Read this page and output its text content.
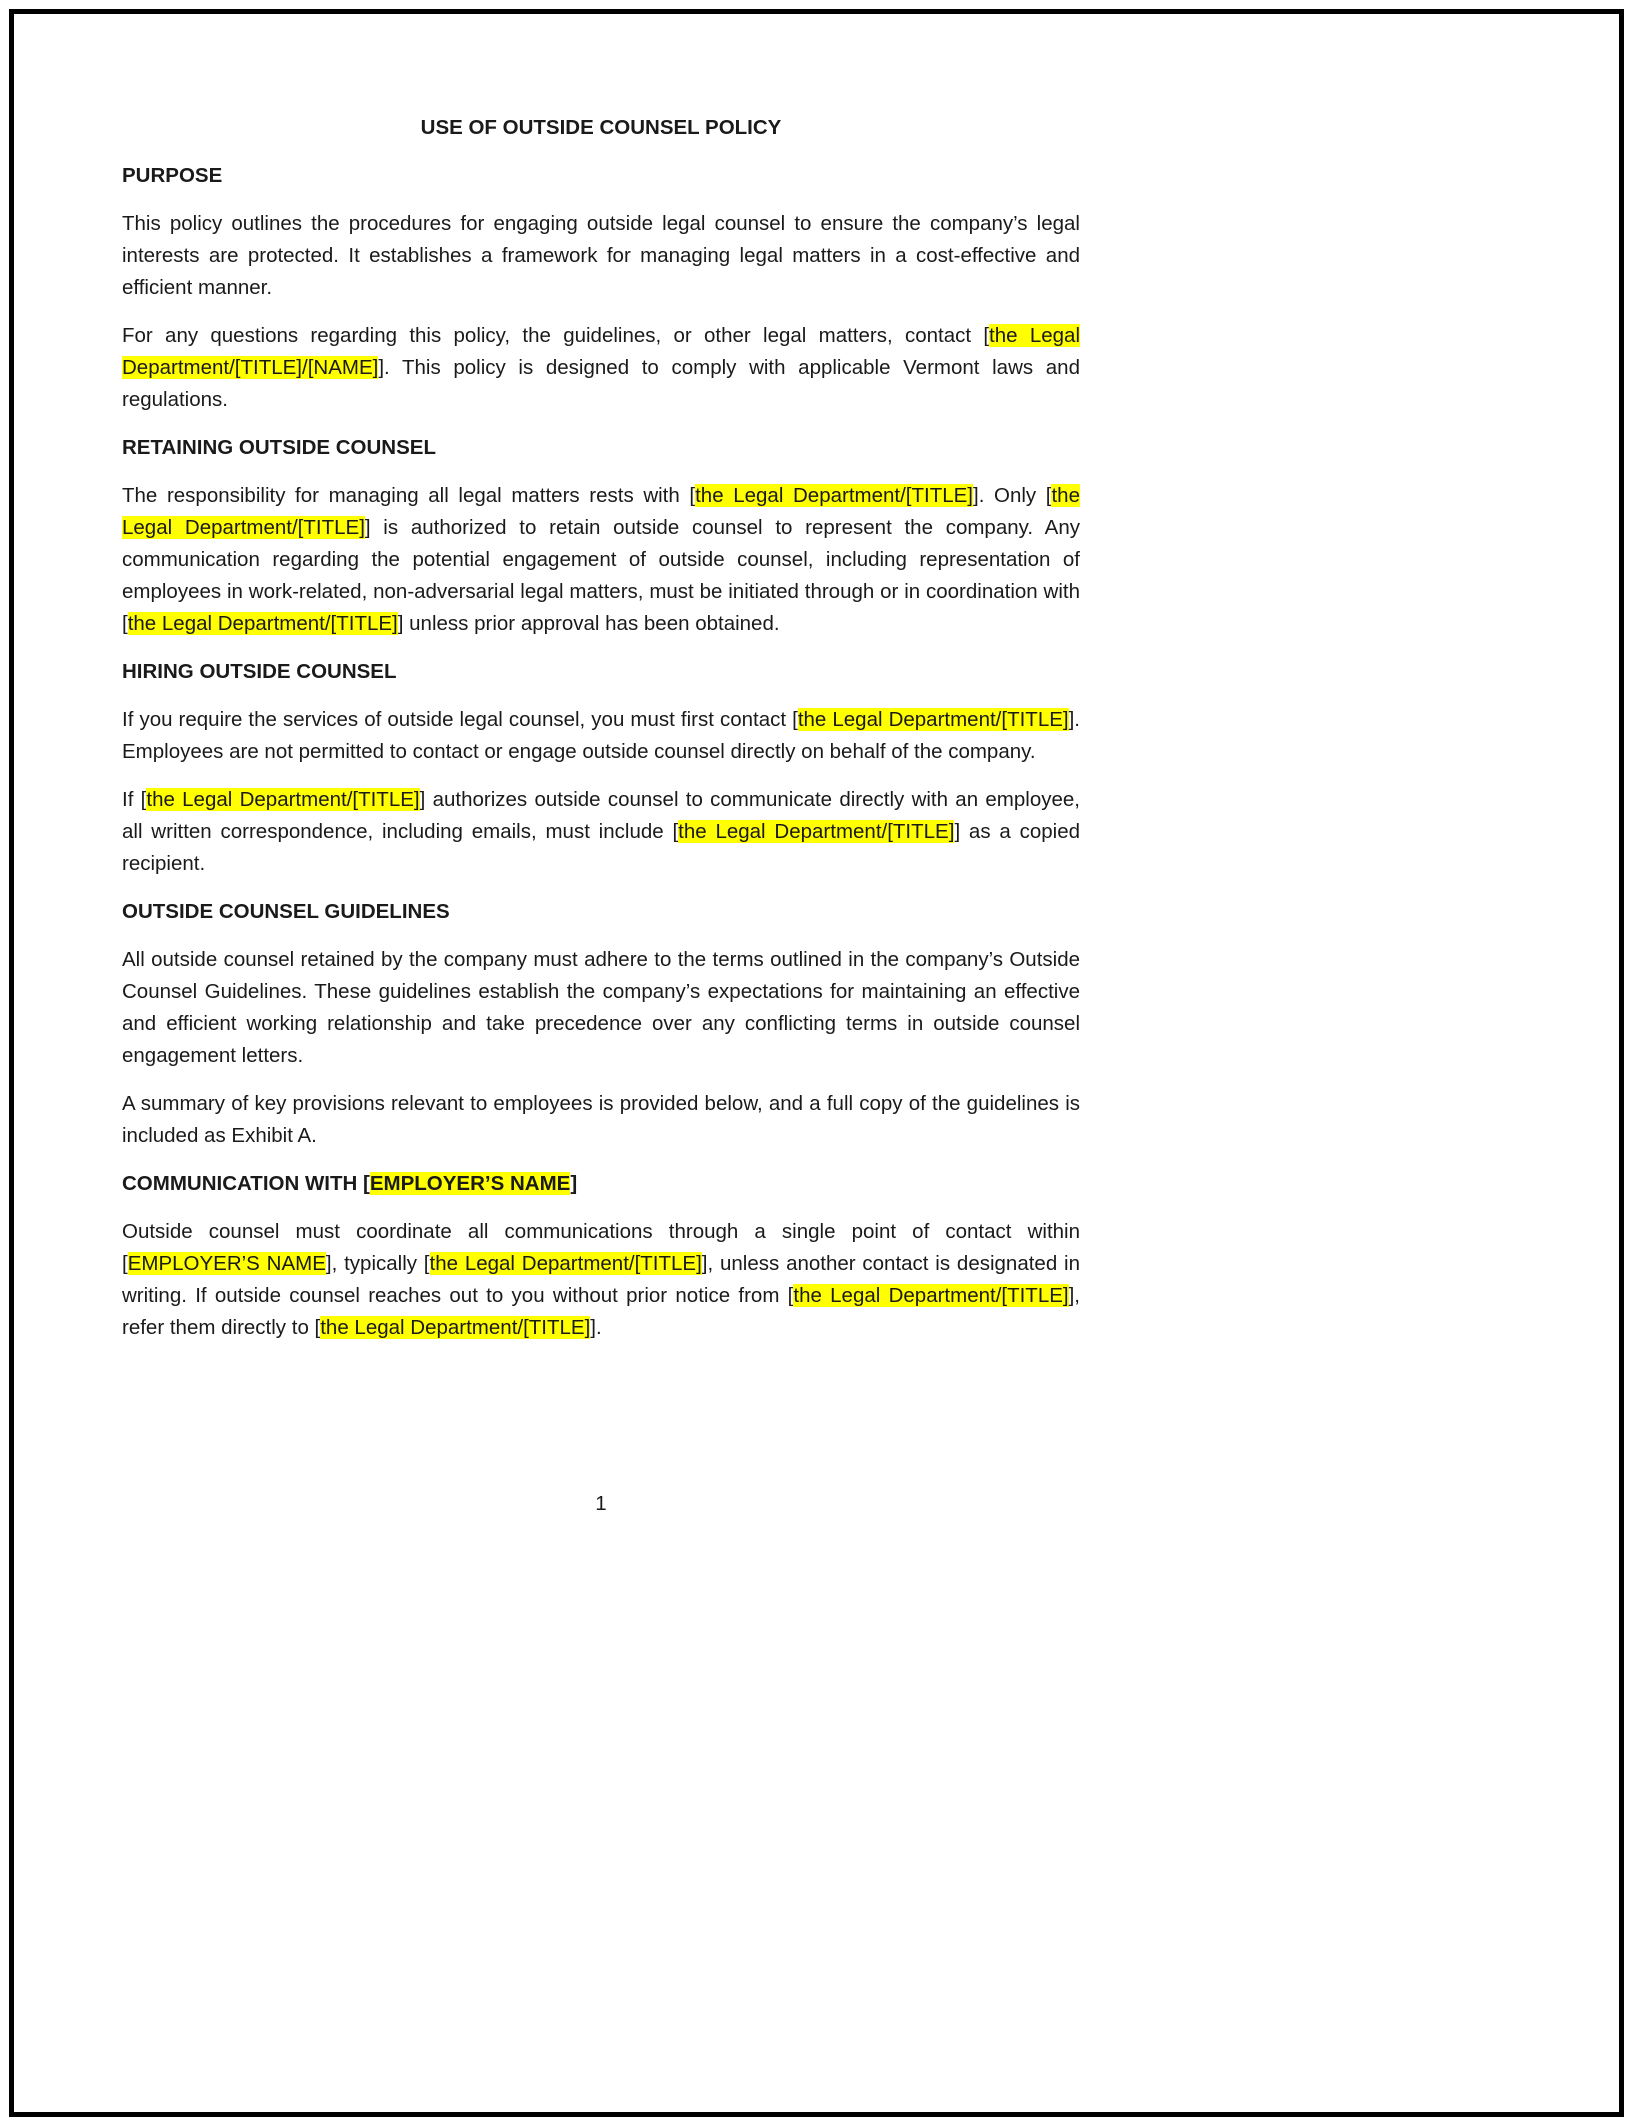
USE OF OUTSIDE COUNSEL POLICY
PURPOSE

This policy outlines the procedures for engaging outside legal counsel to ensure the company’s legal interests are protected. It establishes a framework for managing legal matters in a cost-effective and efficient manner.

For any questions regarding this policy, the guidelines, or other legal matters, contact [the Legal Department/[TITLE]/[NAME]]. This policy is designed to comply with applicable Vermont laws and regulations.

RETAINING OUTSIDE COUNSEL

The responsibility for managing all legal matters rests with [the Legal Department/[TITLE]]. Only [the Legal Department/[TITLE]] is authorized to retain outside counsel to represent the company. Any communication regarding the potential engagement of outside counsel, including representation of employees in work-related, non-adversarial legal matters, must be initiated through or in coordination with [the Legal Department/[TITLE]] unless prior approval has been obtained.

HIRING OUTSIDE COUNSEL

If you require the services of outside legal counsel, you must first contact [the Legal Department/[TITLE]]. Employees are not permitted to contact or engage outside counsel directly on behalf of the company.

If [the Legal Department/[TITLE]] authorizes outside counsel to communicate directly with an employee, all written correspondence, including emails, must include [the Legal Department/[TITLE]] as a copied recipient.

OUTSIDE COUNSEL GUIDELINES

All outside counsel retained by the company must adhere to the terms outlined in the company’s Outside Counsel Guidelines. These guidelines establish the company’s expectations for maintaining an effective and efficient working relationship and take precedence over any conflicting terms in outside counsel engagement letters.

A summary of key provisions relevant to employees is provided below, and a full copy of the guidelines is included as Exhibit A.

COMMUNICATION WITH [EMPLOYER’S NAME]

Outside counsel must coordinate all communications through a single point of contact within [EMPLOYER’S NAME], typically [the Legal Department/[TITLE]], unless another contact is designated in writing. If outside counsel reaches out to you without prior notice from [the Legal Department/[TITLE]], refer them directly to [the Legal Department/[TITLE]].

1
